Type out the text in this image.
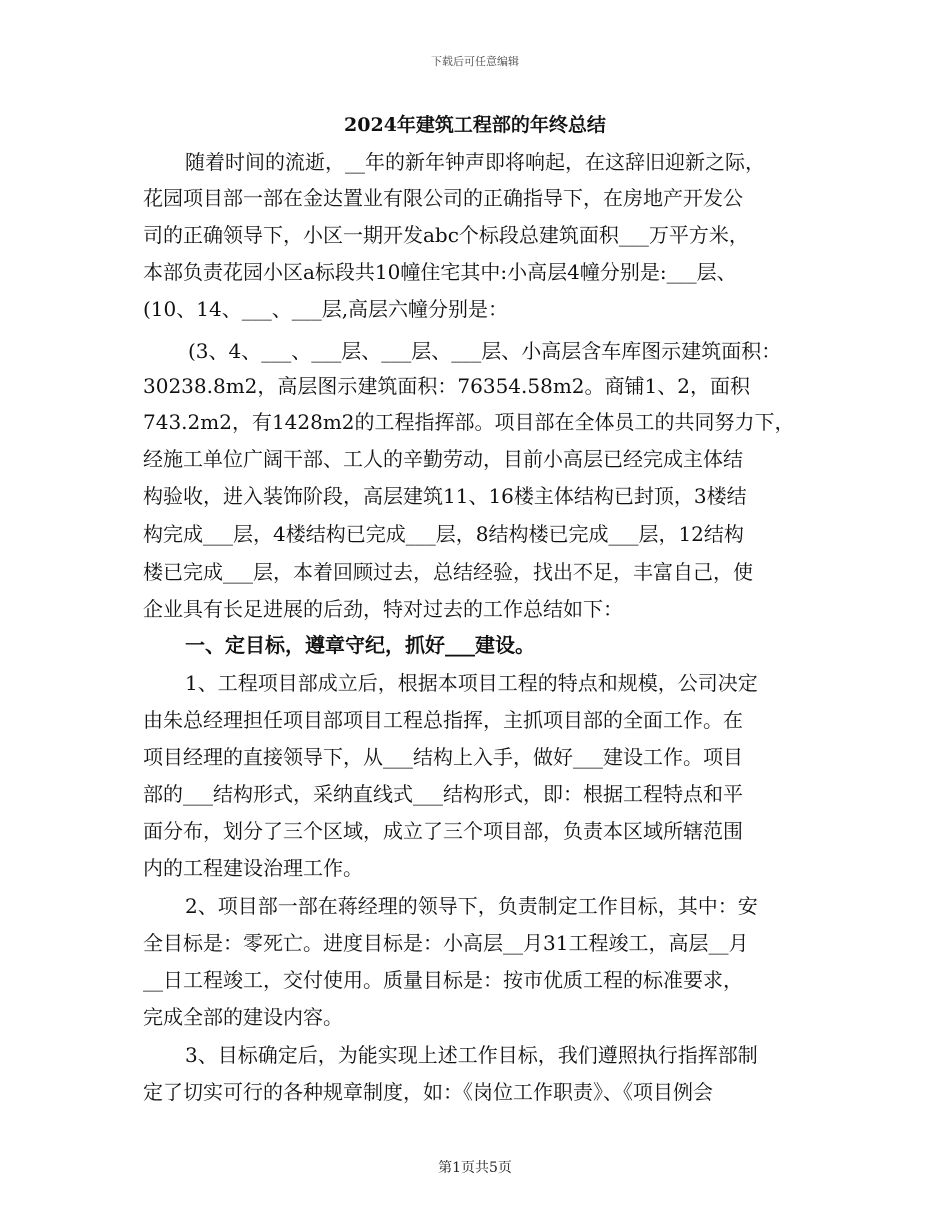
下载后可任意编辑
2024年建筑工程部的年终总结
随着时间的流逝，__年的新年钟声即将响起，在这辞旧迎新之际，
花园项目部一部在金达置业有限公司的正确指导下，在房地产开发公
司的正确领导下，小区一期开发abc个标段总建筑面积___万平方米，
本部负责花园小区a标段共10幢住宅其中:小高层4幢分别是:___层、
(10、14、___、___层,高层六幢分别是：
(3、4、___、___层、___层、___层、小高层含车库图示建筑面积：
30238.8m2，高层图示建筑面积：76354.58m2。商铺1、2，面积
743.2m2，有1428m2的工程指挥部。项目部在全体员工的共同努力下，
经施工单位广阔干部、工人的辛勤劳动，目前小高层已经完成主体结
构验收，进入装饰阶段，高层建筑11、16楼主体结构已封顶，3楼结
构完成___层，4楼结构已完成___层，8结构楼已完成___层，12结构
楼已完成___层，本着回顾过去，总结经验，找出不足，丰富自己，使
企业具有长足进展的后劲，特对过去的工作总结如下：
一、定目标，遵章守纪，抓好___建设。
1、工程项目部成立后，根据本项目工程的特点和规模，公司决定
由朱总经理担任项目部项目工程总指挥，主抓项目部的全面工作。在
项目经理的直接领导下，从___结构上入手，做好___建设工作。项目
部的___结构形式，采纳直线式___结构形式，即：根据工程特点和平
面分布，划分了三个区域，成立了三个项目部，负责本区域所辖范围
内的工程建设治理工作。
2、项目部一部在蒋经理的领导下，负责制定工作目标，其中：安
全目标是：零死亡。进度目标是：小高层__月31工程竣工，高层__月
__日工程竣工，交付使用。质量目标是：按市优质工程的标准要求，
完成全部的建设内容。
3、目标确定后，为能实现上述工作目标，我们遵照执行指挥部制
定了切实可行的各种规章制度，如：《岗位工作职责》、《项目例会
第1页共5页
